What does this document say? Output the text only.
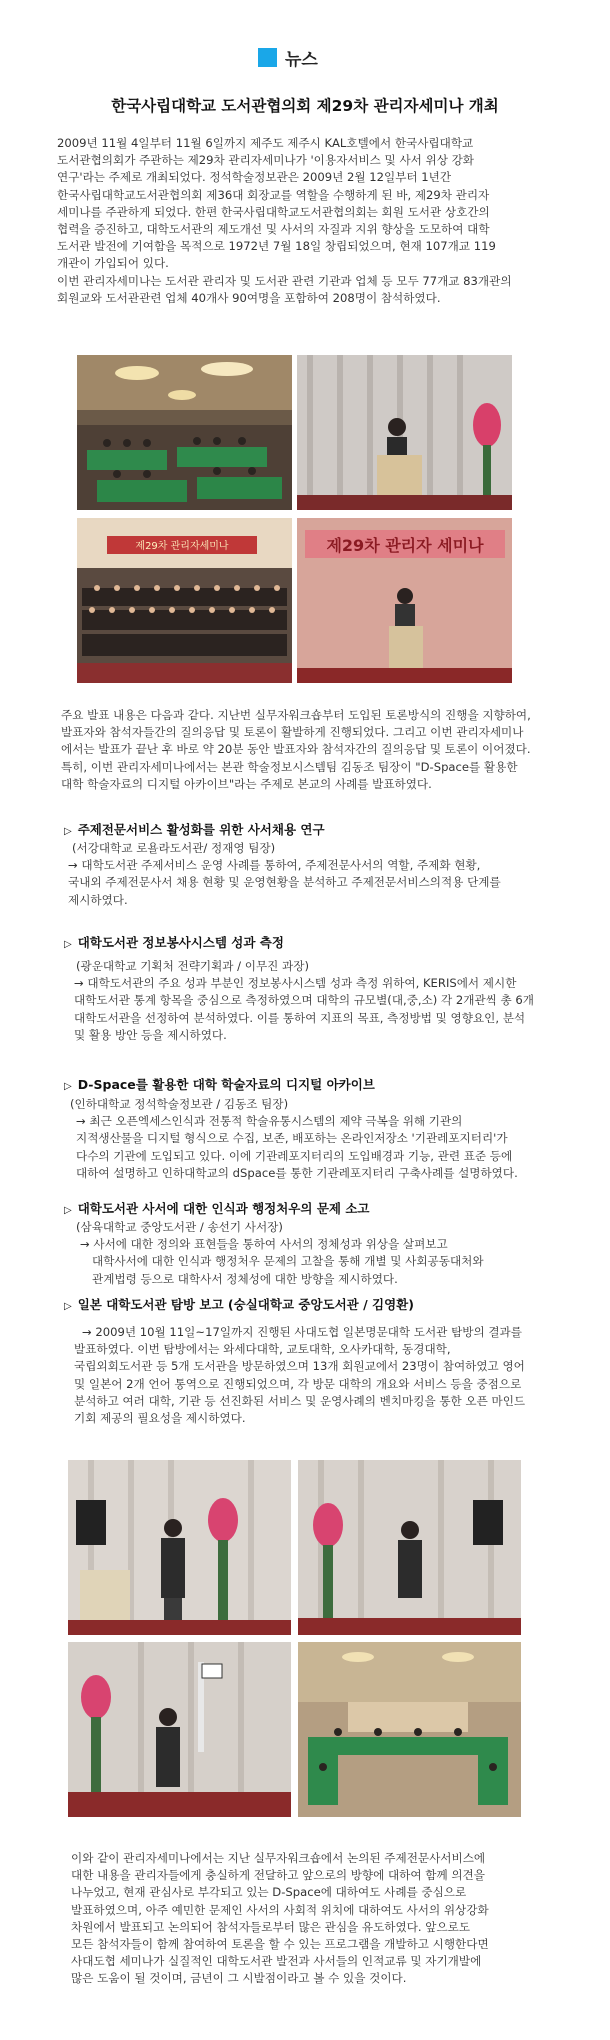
뉴스
한국사립대학교 도서관협의회 제29차 관리자세미나 개최

2009년 11월 4일부터 11월 6일까지 제주도 제주시 KAL호텔에서 한국사립대학교

도서관협의회가 주관하는 제29차 관리자세미나가 '이용자서비스 및 사서 위상 강화

연구'라는 주제로 개최되었다. 정석학술정보관은 2009년 2월 12일부터 1년간

한국사립대학교도서관협의회 제36대 회장교를 역할을 수행하게 된 바, 제29차 관리자

세미나를 주관하게 되었다. 한편 한국사립대학교도서관협의회는 회원 도서관 상호간의

협력을 증진하고, 대학도서관의 제도개선 및 사서의 자질과 지위 향상을 도모하여 대학

도서관 발전에 기여함을 목적으로 1972년 7월 18일 창립되었으며, 현재 107개교 119

개관이 가입되어 있다.

이번 관리자세미나는 도서관 관리자 및 도서관 관련 기관과 업체 등 모두 77개교 83개관의

회원교와 도서관관련 업체 40개사 90여명을 포함하여 208명이 참석하였다.

제29차 관리자세미나	제29차 관리자 세미나

주요 발표 내용은 다음과 같다. 지난번 실무자워크숍부터 도입된 토론방식의 진행을 지향하여,

발표자와 참석자들간의 질의응답 및 토론이 활발하게 진행되었다. 그리고 이번 관리자세미나

에서는 발표가 끝난 후 바로 약 20분 동안 발표자와 참석자간의 질의응답 및 토론이 이어졌다.

특히, 이번 관리자세미나에서는 본관 학술정보시스템팀 김동조 팀장이 "D-Space를 활용한

대학 학술자료의 디지털 아카이브"라는 주제로 본교의 사례를 발표하였다.

▷ 주제전문서비스 활성화를 위한 사서채용 연구

(서강대학교 로욜라도서관/ 정재영 팀장)

→ 대학도서관 주제서비스 운영 사례를 통하여, 주제전문사서의 역할, 주제화 현황,

국내외 주제전문사서 채용 현황 및 운영현황을 분석하고 주제전문서비스의적용 단계를

제시하였다.

▷ 대학도서관 정보봉사시스템 성과 측정

(광운대학교 기획처 전략기획과 / 이무진 과장)

→ 대학도서관의 주요 성과 부분인 정보봉사시스템 성과 측정 위하여, KERIS에서 제시한

대학도서관 통계 항목을 중심으로 측정하였으며 대학의 규모별(대,중,소) 각 2개관씩 총 6개

대학도서관을 선정하여 분석하였다. 이를 통하여 지표의 목표, 측정방법 및 영향요인, 분석

및 활용 방안 등을 제시하였다.

▷ D-Space를 활용한 대학 학술자료의 디지털 아카이브

(인하대학교 정석학술정보관 / 김동조 팀장)

→ 최근 오픈엑세스인식과 전통적 학술유통시스템의 제약 극복을 위해 기관의

지적생산물을 디지털 형식으로 수집, 보존, 배포하는 온라인저장소 '기관레포지터리'가

다수의 기관에 도입되고 있다. 이에 기관레포지터리의 도입배경과 기능, 관련 표준 등에

대하여 설명하고 인하대학교의 dSpace를 통한 기관레포지터리 구축사례를 설명하였다.

▷ 대학도서관 사서에 대한 인식과 행정처우의 문제 소고

(삼육대학교 중앙도서관 / 송선기 사서장)

→ 사서에 대한 정의와 표현들을 통하여 사서의 정체성과 위상을 살펴보고

대학사서에 대한 인식과 행정처우 문제의 고찰을 통해 개별 및 사회공동대처와

관계법령 등으로 대학사서 정체성에 대한 방향을 제시하였다.

▷ 일본 대학도서관 탐방 보고 (숭실대학교 중앙도서관 / 김영환)

→ 2009년 10월 11일~17일까지 진행된 사대도협 일본명문대학 도서관 탐방의 결과를

발표하였다. 이번 탐방에서는 와세다대학, 교토대학, 오사카대학, 동경대학,

국립외회도서관 등 5개 도서관을 방문하였으며 13개 회원교에서 23명이 참여하였고 영어

및 일본어 2개 언어 통역으로 진행되었으며, 각 방문 대학의 개요와 서비스 등을 중점으로

분석하고 여러 대학, 기관 등 선진화된 서비스 및 운영사례의 벤치마킹을 통한 오픈 마인드

기회 제공의 필요성을 제시하였다.

이와 같이 관리자세미나에서는 지난 실무자워크숍에서 논의된 주제전문사서비스에

대한 내용을 관리자들에게 충실하게 전달하고 앞으로의 방향에 대하여 함께 의견을

나누었고, 현재 관심사로 부각되고 있는 D-Space에 대하여도 사례를 중심으로

발표하였으며, 아주 예민한 문제인 사서의 사회적 위치에 대하여도 사서의 위상강화

차원에서 발표되고 논의되어 참석자들로부터 많은 관심을 유도하였다. 앞으로도

모든 참석자들이 함께 참여하여 토론을 할 수 있는 프로그램을 개발하고 시행한다면

사대도협 세미나가 실질적인 대학도서관 발전과 사서들의 인적교류 및 자기개발에

많은 도움이 될 것이며, 금년이 그 시발점이라고 볼 수 있을 것이다.
